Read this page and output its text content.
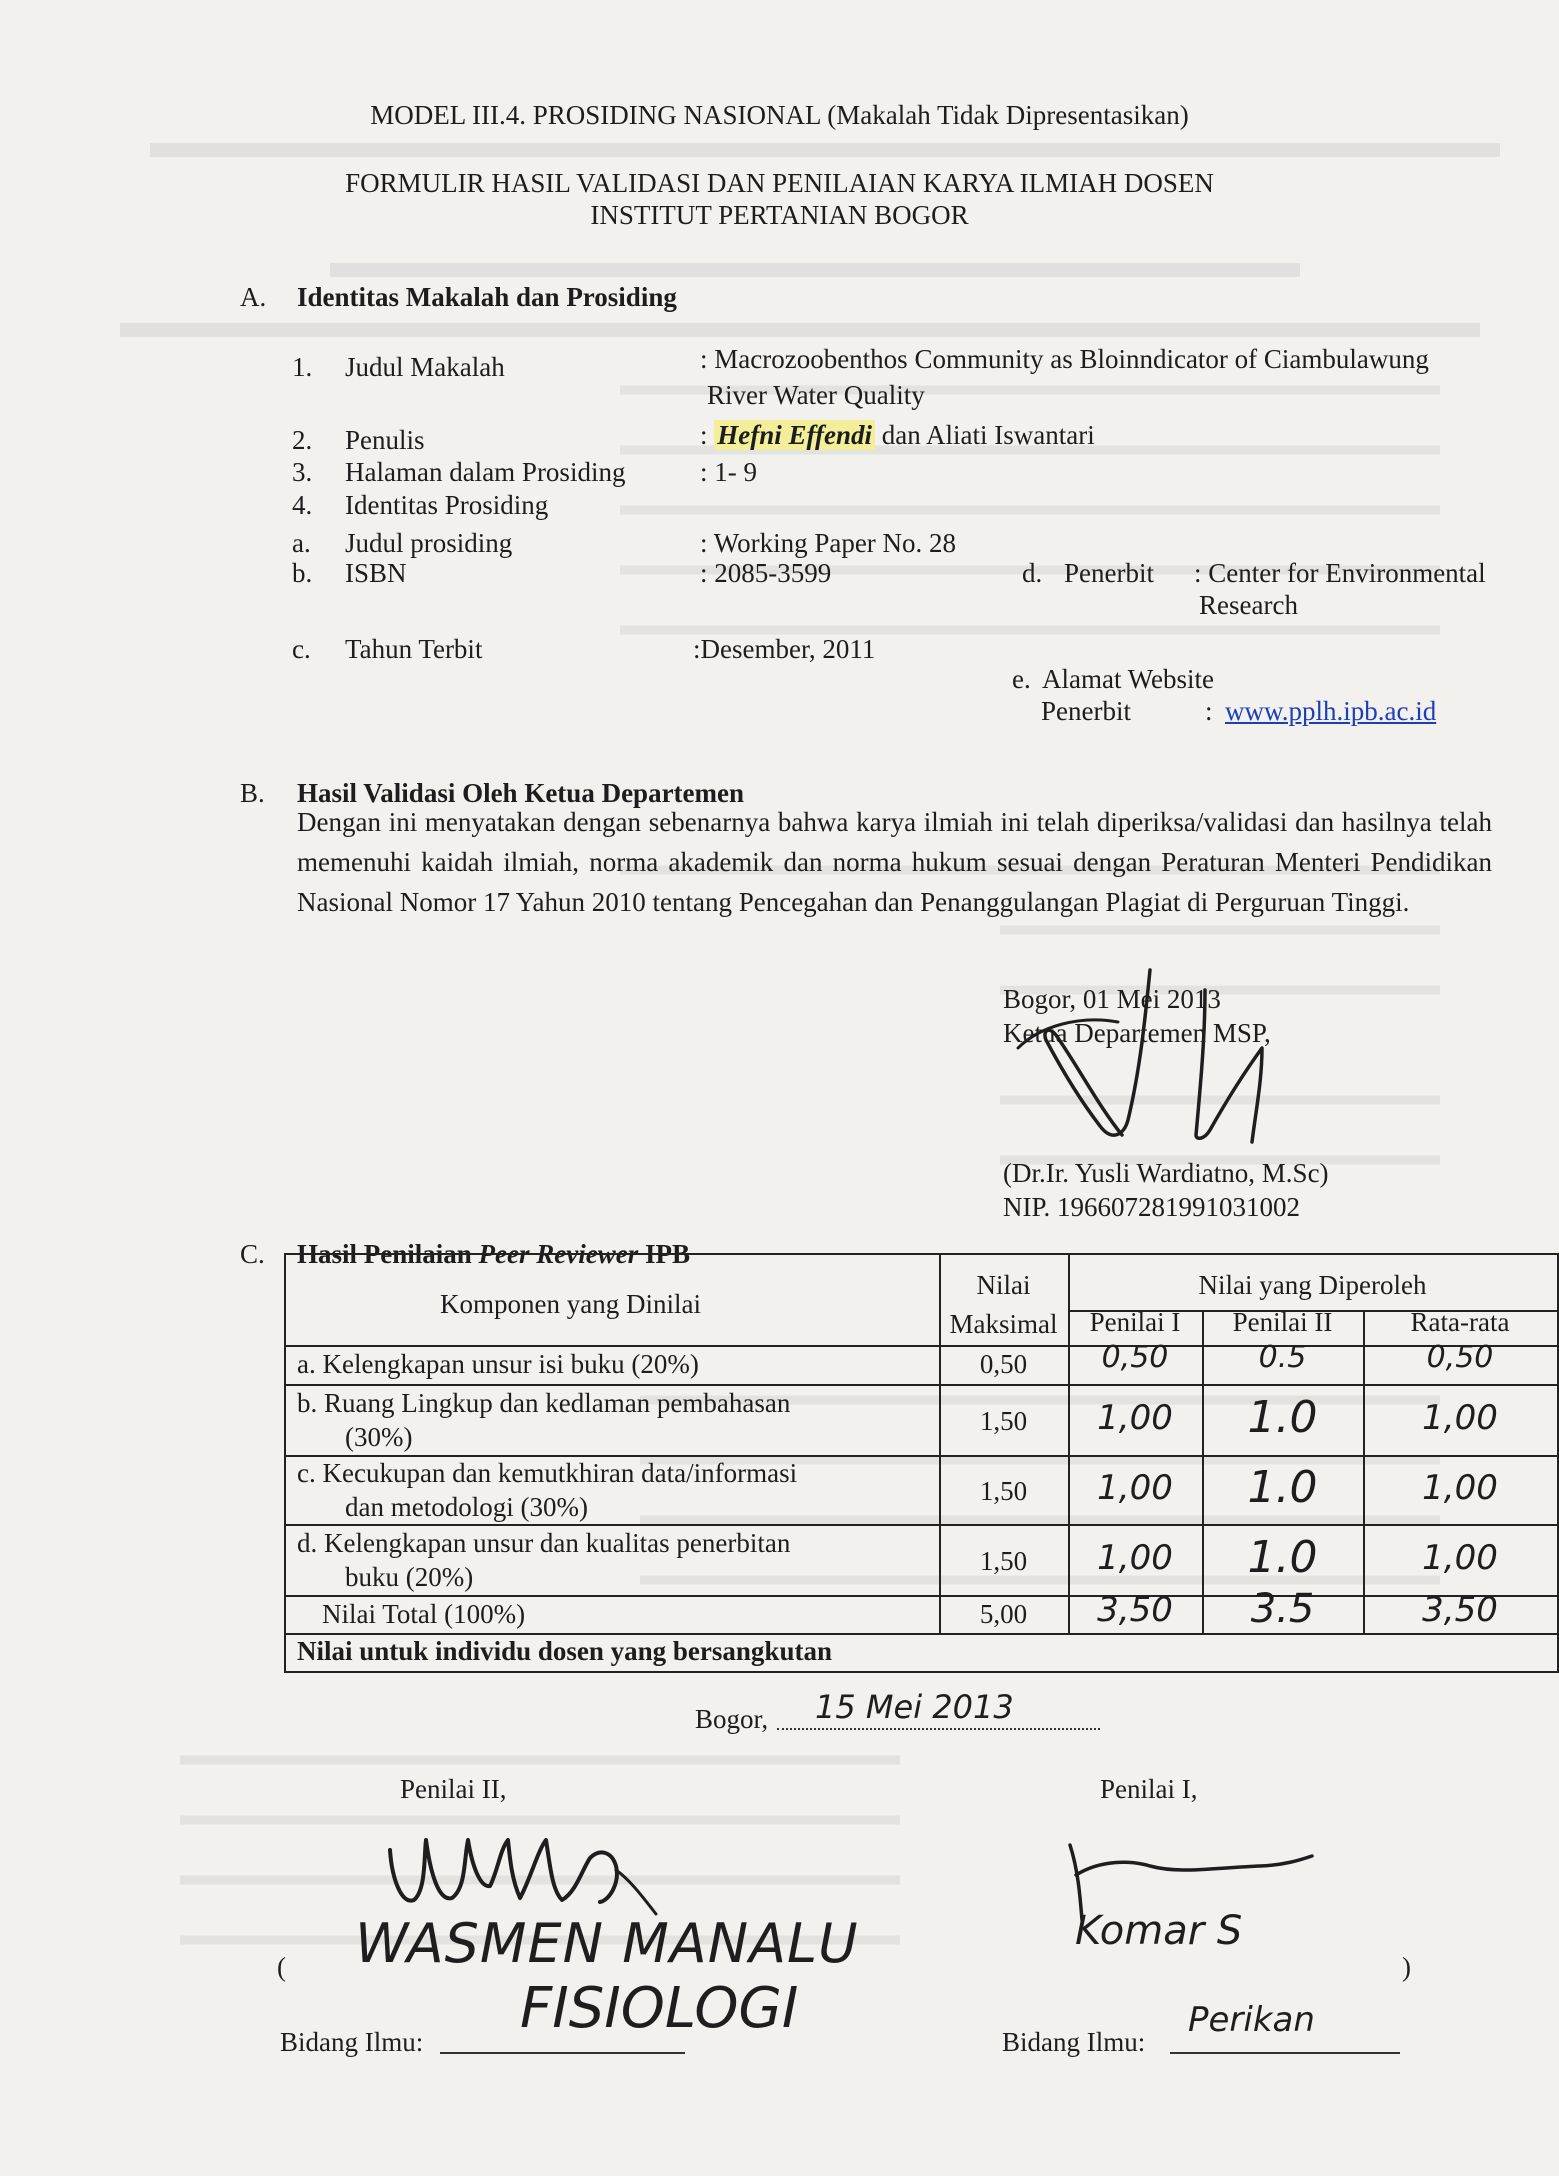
MODEL III.4. PROSIDING NASIONAL (Makalah Tidak Dipresentasikan)
FORMULIR HASIL VALIDASI DAN PENILAIAN KARYA ILMIAH DOSEN
INSTITUT PERTANIAN BOGOR
A. Identitas Makalah dan Prosiding
1. Judul Makalah	: Macrozoobenthos Community as Bloinndicator of Ciambulawung
River Water Quality
2. Penulis	: Hefni Effendi dan Aliati Iswantari
3. Halaman dalam Prosiding	: 1- 9
4. Identitas Prosiding
a. Judul prosiding	: Working Paper No. 28
b. ISBN	: 2085-3599	d. Penerbit : Center for Environmental
Research
c. Tahun Terbit	:Desember, 2011
e. Alamat Website
Penerbit	: www.pplh.ipb.ac.id
B. Hasil Validasi Oleh Ketua Departemen
Dengan ini menyatakan dengan sebenarnya bahwa karya ilmiah ini telah diperiksa/validasi dan hasilnya telah memenuhi kaidah ilmiah, norma akademik dan norma hukum sesuai dengan Peraturan Menteri Pendidikan Nasional Nomor 17 Yahun 2010 tentang Pencegahan dan Penanggulangan Plagiat di Perguruan Tinggi.
Bogor, 01 Mei 2013
Ketua Departemen MSP,
(Dr.Ir. Yusli Wardiatno, M.Sc)
NIP. 196607281991031002
C. Hasil Penilaian Peer Reviewer IPB
Komponen yang Dinilai
Nilai
Maksimal
Nilai yang Diperoleh
Penilai I	Penilai II	Rata-rata
a. Kelengkapan unsur isi buku (20%)	0,50	0,50	0.5	0,50
b. Ruang Lingkup dan kedlaman pembahasan
(30%)
1,50	1,00	1.0	1,00
c. Kecukupan dan kemutkhiran data/informasi
dan metodologi (30%)
1,50	1,00	1.0	1,00
d. Kelengkapan unsur dan kualitas penerbitan
buku (20%)
1,50	1,00	1.0	1,00
Nilai Total (100%)	5,00	3,50	3.5	3,50
Nilai untuk individu dosen yang bersangkutan
Bogor, 15 Mei 2013
Penilai II,	Penilai I,
( WASMEN MANALU	Komar S
)
Bidang Ilmu:
FISIOLOGI
Bidang Ilmu:
Perikan
